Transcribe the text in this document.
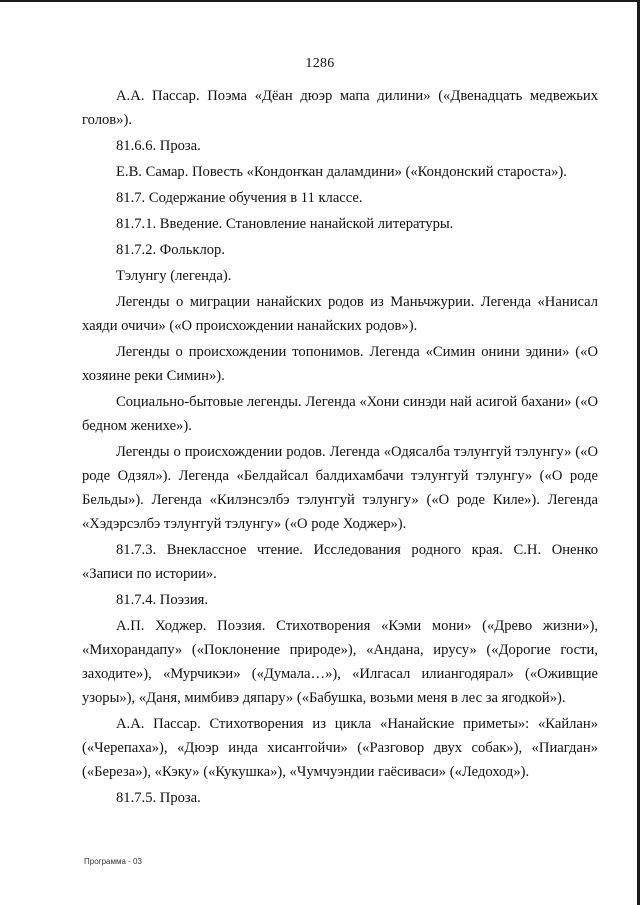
1286

А.А. Пассар. Поэма «Дёан дюэр мапа дилини» («Двенадцать медвежьих голов»).

81.6.6. Проза.

Е.В. Самар. Повесть «Кондоҥкан даламдини» («Кондонский староста»).

81.7. Содержание обучения в 11 классе.

81.7.1. Введение. Становление нанайской литературы.

81.7.2. Фольклор.

Тэлунгу (легенда).

Легенды о миграции нанайских родов из Маньчжурии. Легенда «Нанисал хаяди очичи» («О происхождении нанайских родов»).

Легенды о происхождении топонимов. Легенда «Симин онини эдини» («О хозяине реки Симин»).

Социально-бытовые легенды. Легенда «Хони синэди най асигой бахани» («О бедном женихе»).

Легенды о происхождении родов. Легенда «Одясалба тэлуҥгуй тэлунгу» («О роде Одзял»). Легенда «Белдайсал балдихамбачи тэлуҥгуй тэлунгу» («О роде Бельды»). Легенда «Килэнсэлбэ тэлуҥгуй тэлунгу» («О роде Киле»). Легенда «Хэдэрсэлбэ тэлуҥгуй тэлунгу» («О роде Ходжер»).

81.7.3. Внеклассное чтение. Исследования родного края. С.Н. Оненко «Записи по истории».

81.7.4. Поэзия.

А.П. Ходжер. Поэзия. Стихотворения «Кэми мони» («Древо жизни»), «Михорандапу» («Поклонение природе»), «Андана, ирусу» («Дорогие гости, заходите»), «Мурчикэи» («Думала…»), «Илгасал илиангодярал» («Оживщие узоры»), «Даня, мимбивэ дяпару» («Бабушка, возьми меня в лес за ягодкой»).

А.А. Пассар. Стихотворения из цикла «Нанайские приметы»: «Кайлан» («Черепаха»), «Дюэр инда хисаҥгойчи» («Разговор двух собак»), «Пиагдан» («Береза»), «Кэку» («Кукушка»), «Чумчуэндии гаёсиваси» («Ледоход»).

81.7.5. Проза.

Программа - 03
